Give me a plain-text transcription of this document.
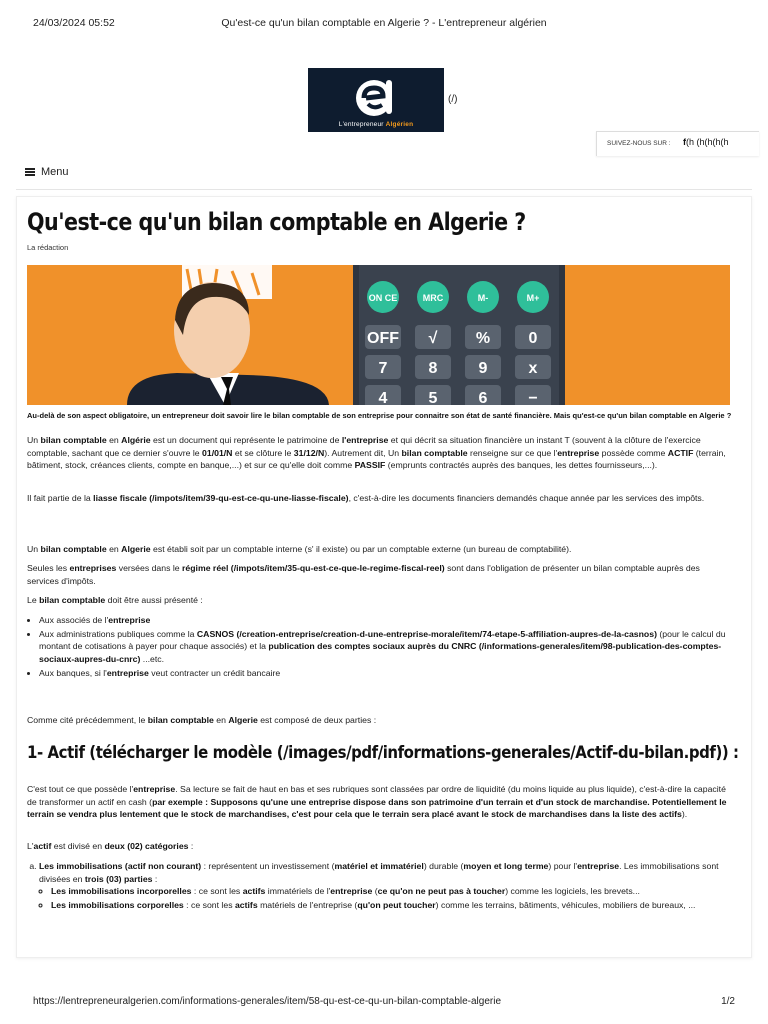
24/03/2024 05:52	Qu'est-ce qu'un bilan comptable en Algerie ? - L'entrepreneur algérien
L'entrepreneur Algérien
(/)
SUIVEZ-NOUS SUR : f(h (h(h(h(h
Menu
Qu'est-ce qu'un bilan comptable en Algerie ?
La rédaction
ON CE	MRC	M-	M+
OFF √ % 0
7	8	9	x
4	5	6	−
Au-delà de son aspect obligatoire, un entrepreneur doit savoir lire le bilan comptable de son entreprise pour connaitre son état de santé financière. Mais qu'est-ce qu'un bilan comptable en Algerie ?
Un bilan comptable en Algérie est un document qui représente le patrimoine de l'entreprise et qui décrit sa situation financière un instant T (souvent à la clôture de l'exercice comptable, sachant que ce dernier s'ouvre le 01/01/N et se clôture le 31/12/N). Autrement dit, Un bilan comptable renseigne sur ce que l'entreprise possède comme ACTIF (terrain, bâtiment, stock, créances clients, compte en banque,...) et sur ce qu'elle doit comme PASSIF (emprunts contractés auprès des banques, les dettes fournisseurs,...).
Il fait partie de la liasse fiscale (/impots/item/39-qu-est-ce-qu-une-liasse-fiscale), c'est-à-dire les documents financiers demandés chaque année par les services des impôts.
Un bilan comptable en Algerie est établi soit par un comptable interne (s' il existe) ou par un comptable externe (un bureau de comptabilité).
Seules les entreprises versées dans le régime réel (/impots/item/35-qu-est-ce-que-le-regime-fiscal-reel) sont dans l'obligation de présenter un bilan comptable auprès des services d'impôts.
Le bilan comptable doit être aussi présenté :
• Aux associés de l'entreprise
• Aux administrations publiques comme la CASNOS (/creation-entreprise/creation-d-une-entreprise-morale/item/74-etape-5-affiliation-aupres-de-la-casnos) (pour le calcul du montant de cotisations à payer pour chaque associés) et la publication des comptes sociaux auprès du CNRC (/informations-generales/item/98-publication-des-comptes-sociaux-aupres-du-cnrc) ...etc.
• Aux banques, si l'entreprise veut contracter un crédit bancaire
Comme cité précédemment, le bilan comptable en Algerie est composé de deux parties :
1- Actif (télécharger le modèle (/images/pdf/informations-generales/Actif-du-bilan.pdf)) :
C'est tout ce que possède l'entreprise. Sa lecture se fait de haut en bas et ses rubriques sont classées par ordre de liquidité (du moins liquide au plus liquide), c'est-à-dire la capacité de transformer un actif en cash (par exemple : Supposons qu'une une entreprise dispose dans son patrimoine d'un terrain et d'un stock de marchandise. Potentiellement le terrain se vendra plus lentement que le stock de marchandises, c'est pour cela que le terrain sera placé avant le stock de marchandises dans la liste des actifs).
L'actif est divisé en deux (02) catégories :
a. Les immobilisations (actif non courant) : représentent un investissement (matériel et immatériel) durable (moyen et long terme) pour l'entreprise. Les immobilisations sont divisées en trois (03) parties :
◦ Les immobilisations incorporelles : ce sont les actifs immatériels de l'entreprise (ce qu'on ne peut pas à toucher) comme les logiciels, les brevets...
◦ Les immobilisations corporelles : ce sont les actifs matériels de l'entreprise (qu'on peut toucher) comme les terrains, bâtiments, véhicules, mobiliers de bureaux, ...
https://lentrepreneuralgerien.com/informations-generales/item/58-qu-est-ce-qu-un-bilan-comptable-algerie	1/2
